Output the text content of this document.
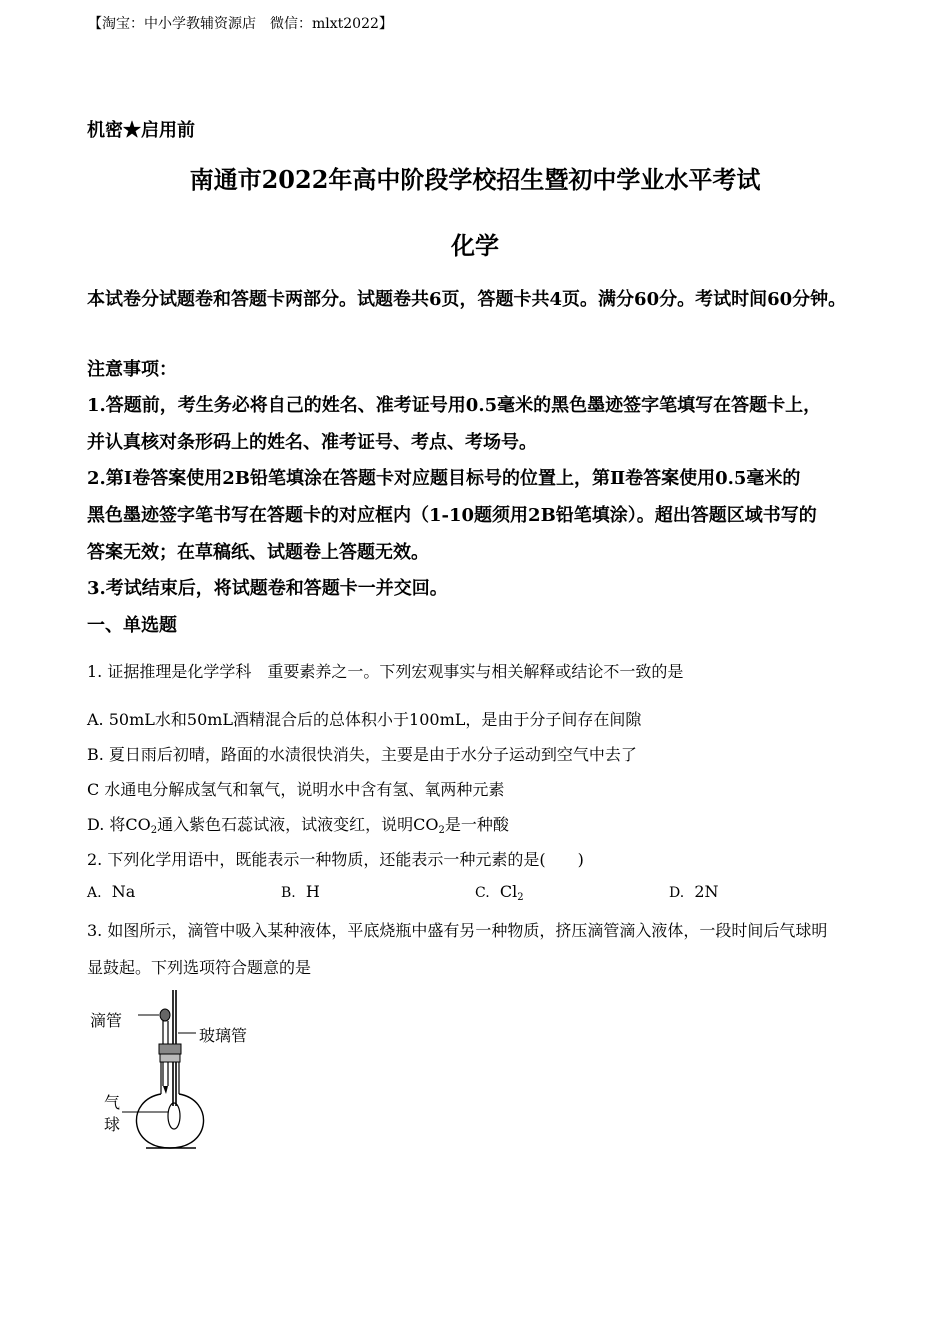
【淘宝：中小学教辅资源店　微信：mlxt2022】
机密★启用前
南通市2022年高中阶段学校招生暨初中学业水平考试
化学
本试卷分试题卷和答题卡两部分。试题卷共6页，答题卡共4页。满分60分。考试时间60分钟。
注意事项：
1.答题前，考生务必将自己的姓名、准考证号用0.5毫米的黑色墨迹签字笔填写在答题卡上，
并认真核对条形码上的姓名、准考证号、考点、考场号。
2.第Ⅰ卷答案使用2B铅笔填涂在答题卡对应题目标号的位置上，第Ⅱ卷答案使用0.5毫米的
黑色墨迹签字笔书写在答题卡的对应框内（1-10题须用2B铅笔填涂）。超出答题区域书写的
答案无效；在草稿纸、试题卷上答题无效。
3.考试结束后，将试题卷和答题卡一并交回。
一、单选题
1. 证据推理是化学学科　重要素养之一。下列宏观事实与相关解释或结论不一致的是
A. 50mL水和50mL酒精混合后的总体积小于100mL，是由于分子间存在间隙
B. 夏日雨后初晴，路面的水渍很快消失，主要是由于水分子运动到空气中去了
C 水通电分解成氢气和氧气，说明水中含有氢、氧两种元素
D. 将$CO_2$通入紫色石蕊试液，试液变红，说明$CO_2$是一种酸
2. 下列化学用语中，既能表示一种物质，还能表示一种元素的是(　　)
A. Na	B. H	C. $Cl_2$	D. 2N
3. 如图所示，滴管中吸入某种液体，平底烧瓶中盛有另一种物质，挤压滴管滴入液体，一段时间后气球明
显鼓起。下列选项符合题意的是
滴管
玻璃管
气
球
